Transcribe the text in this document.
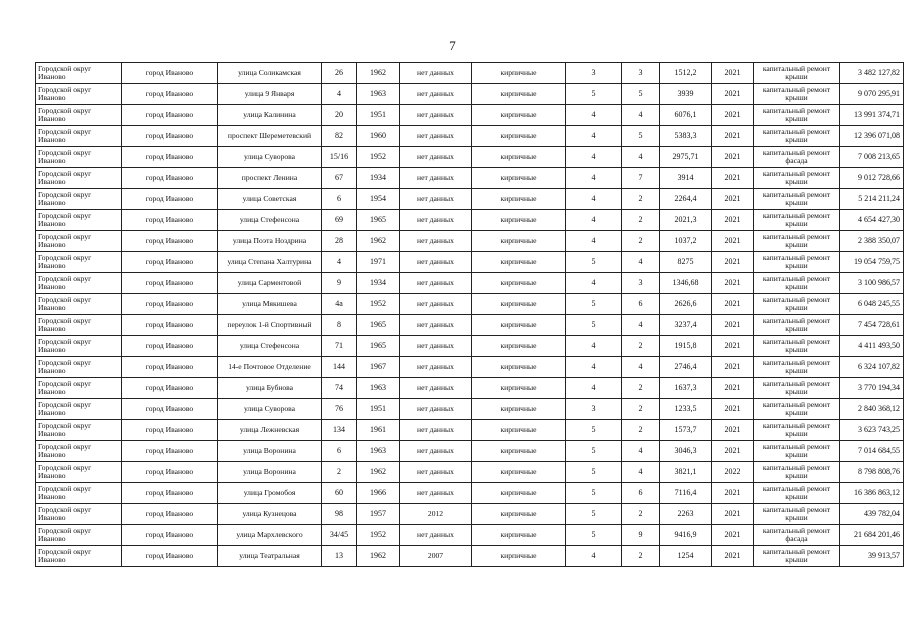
7
Городской округ Иваново	город Иваново	улица Соликамская	26	1962	нет данных	кирпичные	3	3	1512,2	2021	капитальный ремонт крыши	3 482 127,82
Городской округ Иваново	город Иваново	улица 9 Января	4	1963	нет данных	кирпичные	5	5	3939	2021	капитальный ремонт крыши	9 070 295,91
Городской округ Иваново	город Иваново	улица Калинина	20	1951	нет данных	кирпичные	4	4	6076,1	2021	капитальный ремонт крыши	13 991 374,71
Городской округ Иваново	город Иваново	проспект Шереметевский	82	1960	нет данных	кирпичные	4	5	5383,3	2021	капитальный ремонт крыши	12 396 071,08
Городской округ Иваново	город Иваново	улица Суворова	15/16	1952	нет данных	кирпичные	4	4	2975,71	2021	капитальный ремонт фасада	7 008 213,65
Городской округ Иваново	город Иваново	проспект Ленина	67	1934	нет данных	кирпичные	4	7	3914	2021	капитальный ремонт крыши	9 012 728,66
Городской округ Иваново	город Иваново	улица Советская	6	1954	нет данных	кирпичные	4	2	2264,4	2021	капитальный ремонт крыши	5 214 211,24
Городской округ Иваново	город Иваново	улица Стефенсона	69	1965	нет данных	кирпичные	4	2	2021,3	2021	капитальный ремонт крыши	4 654 427,30
Городской округ Иваново	город Иваново	улица Поэта Ноздрина	28	1962	нет данных	кирпичные	4	2	1037,2	2021	капитальный ремонт крыши	2 388 350,07
Городской округ Иваново	город Иваново	улица Степана Халтурина	4	1971	нет данных	кирпичные	5	4	8275	2021	капитальный ремонт крыши	19 054 759,75
Городской округ Иваново	город Иваново	улица Сарментовой	9	1934	нет данных	кирпичные	4	3	1346,68	2021	капитальный ремонт крыши	3 100 986,57
Городской округ Иваново	город Иваново	улица Мякишева	4а	1952	нет данных	кирпичные	5	6	2626,6	2021	капитальный ремонт крыши	6 048 245,55
Городской округ Иваново	город Иваново	переулок 1-й Спортивный	8	1965	нет данных	кирпичные	5	4	3237,4	2021	капитальный ремонт крыши	7 454 728,61
Городской округ Иваново	город Иваново	улица Стефенсона	71	1965	нет данных	кирпичные	4	2	1915,8	2021	капитальный ремонт крыши	4 411 493,50
Городской округ Иваново	город Иваново	14-е Почтовое Отделение	144	1967	нет данных	кирпичные	4	4	2746,4	2021	капитальный ремонт крыши	6 324 107,82
Городской округ Иваново	город Иваново	улица Бубнова	74	1963	нет данных	кирпичные	4	2	1637,3	2021	капитальный ремонт крыши	3 770 194,34
Городской округ Иваново	город Иваново	улица Суворова	76	1951	нет данных	кирпичные	3	2	1233,5	2021	капитальный ремонт крыши	2 840 368,12
Городской округ Иваново	город Иваново	улица Лежневская	134	1961	нет данных	кирпичные	5	2	1573,7	2021	капитальный ремонт крыши	3 623 743,25
Городской округ Иваново	город Иваново	улица Воронина	6	1963	нет данных	кирпичные	5	4	3046,3	2021	капитальный ремонт крыши	7 014 684,55
Городской округ Иваново	город Иваново	улица Воронина	2	1962	нет данных	кирпичные	5	4	3821,1	2022	капитальный ремонт крыши	8 798 808,76
Городской округ Иваново	город Иваново	улица Громобоя	60	1966	нет данных	кирпичные	5	6	7116,4	2021	капитальный ремонт крыши	16 386 863,12
Городской округ Иваново	город Иваново	улица Кузнецова	98	1957	2012	кирпичные	5	2	2263	2021	капитальный ремонт крыши	439 782,04
Городской округ Иваново	город Иваново	улица Мархлевского	34/45	1952	нет данных	кирпичные	5	9	9416,9	2021	капитальный ремонт фасада	21 684 201,46
Городской округ Иваново	город Иваново	улица Театральная	13	1962	2007	кирпичные	4	2	1254	2021	капитальный ремонт крыши	39 913,57
